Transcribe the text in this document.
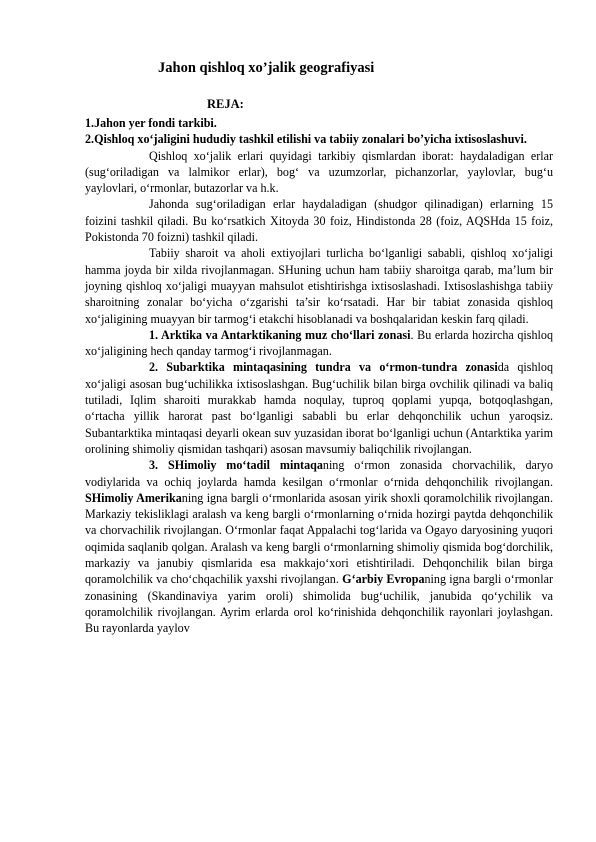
Jahon qishloq xo’jalik geografiyasi
REJA:

1.Jahon yer fondi tarkibi.

2.Qishloq xo‘jaligini hududiy tashkil etilishi va tabiiy zonalari bo’yicha ixtisoslashuvi.

Qishloq xo‘jalik erlari quyidagi tarkibiy qismlardan iborat: haydaladigan erlar (sug‘oriladigan va lalmikor erlar), bog‘ va uzumzorlar, pichanzorlar, yaylovlar, bug‘u yaylovlari, o‘rmonlar, butazorlar va h.k.

Jahonda sug‘oriladigan erlar haydaladigan (shudgor qilinadigan) erlarning 15 foizini tashkil qiladi. Bu ko‘rsatkich Xitoyda 30 foiz, Hindistonda 28 (foiz, AQSHda 15 foiz, Pokistonda 70 foizni) tashkil qiladi.

Tabiiy sharoit va aholi extiyojlari turlicha bo‘lganligi sababli, qishloq xo‘jaligi hamma joyda bir xilda rivojlanmagan. SHuning uchun ham tabiiy sharoitga qarab, ma’lum bir joyning qishloq xo‘jaligi muayyan mahsulot etishtirishga ixtisoslashadi. Ixtisoslashishga tabiiy sharoitning zonalar bo‘yicha o‘zgarishi ta’sir ko‘rsatadi. Har bir tabiat zonasida qishloq xo‘jaligining muayyan bir tarmog‘i etakchi hisoblanadi va boshqalaridan keskin farq qiladi.

1. Arktika va Antarktikaning muz cho‘llari zonasi. Bu erlarda hozircha qishloq xo‘jaligining hech qanday tarmog‘i rivojlanmagan.

2. Subarktika mintaqasining tundra va o‘rmon-tundra zonasida qishloq xo‘jaligi asosan bug‘uchilikka ixtisoslashgan. Bug‘uchilik bilan birga ovchilik qilinadi va baliq tutiladi, Iqlim sharoiti murakkab hamda noqulay, tuproq qoplami yupqa, botqoqlashgan, o‘rtacha yillik harorat past bo‘lganligi sababli bu erlar dehqonchilik uchun yaroqsiz. Subantarktika mintaqasi deyarli okean suv yuzasidan iborat bo‘lganligi uchun (Antarktika yarim orolining shimoliy qismidan tashqari) asosan mavsumiy baliqchilik rivojlangan.

3. SHimoliy mo‘tadil mintaqaning o‘rmon zonasida chorvachilik, daryo vodiylarida va ochiq joylarda hamda kesilgan o‘rmonlar o‘rnida dehqonchilik rivojlangan. SHimoliy Amerikaning igna bargli o‘rmonlarida asosan yirik shoxli qoramolchilik rivojlangan. Markaziy tekisliklagi aralash va keng bargli o‘rmonlarning o‘rnida hozirgi paytda dehqonchilik va chorvachilik rivojlangan. O‘rmonlar faqat Appalachi tog‘larida va Ogayo daryosining yuqori oqimida saqlanib qolgan. Aralash va keng bargli o‘rmonlarning shimoliy qismida bog‘dorchilik, markaziy va janubiy qismlarida esa makkajo‘xori etishtiriladi. Dehqonchilik bilan birga qoramolchilik va cho‘chqachilik yaxshi rivojlangan. G‘arbiy Evropaning igna bargli o‘rmonlar zonasining (Skandinaviya yarim oroli) shimolida bug‘uchilik, janubida qo‘ychilik va qoramolchilik rivojlangan. Ayrim erlarda orol ko‘rinishida dehqonchilik rayonlari joylashgan. Bu rayonlarda yaylov
